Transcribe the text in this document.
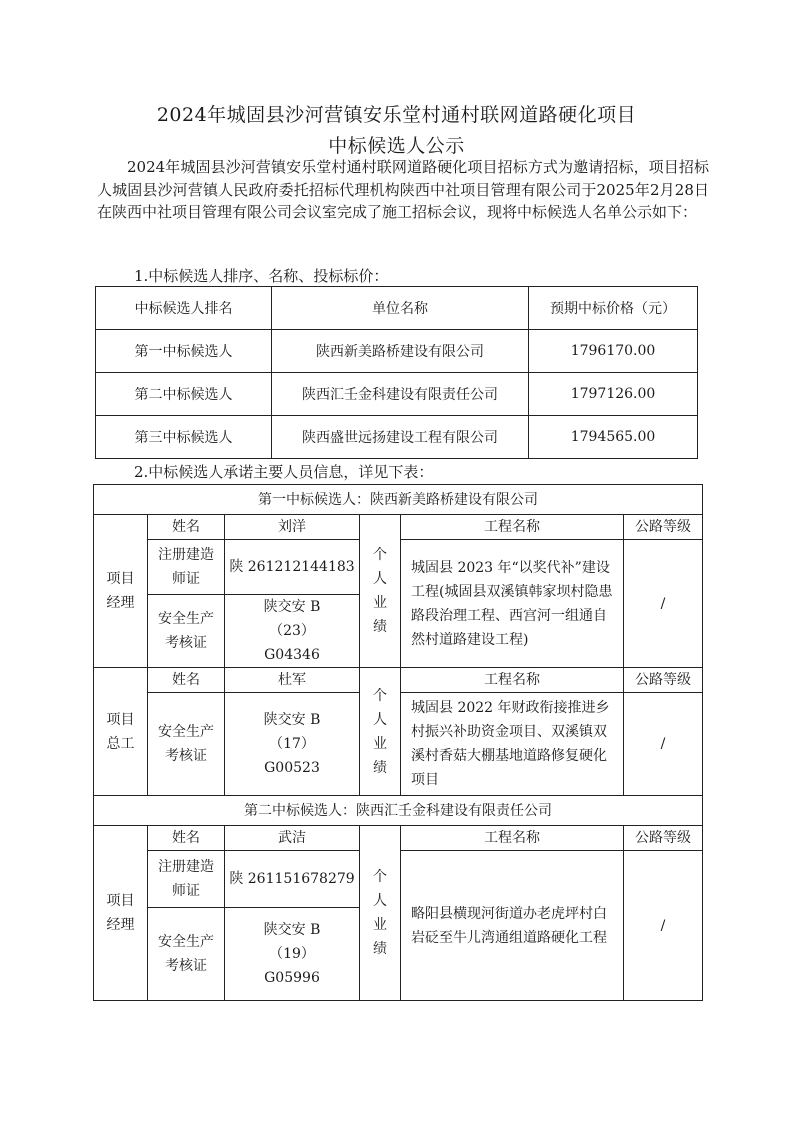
2024年城固县沙河营镇安乐堂村通村联网道路硬化项目
中标候选人公示
2024年城固县沙河营镇安乐堂村通村联网道路硬化项目招标方式为邀请招标，项目招标人城固县沙河营镇人民政府委托招标代理机构陕西中社项目管理有限公司于2025年2月28日在陕西中社项目管理有限公司会议室完成了施工招标会议，现将中标候选人名单公示如下：
1.中标候选人排序、名称、投标标价：
中标候选人排名	单位名称	预期中标价格（元）
第一中标候选人	陕西新美路桥建设有限公司	1796170.00
第二中标候选人	陕西汇壬金科建设有限责任公司	1797126.00
第三中标候选人	陕西盛世远扬建设工程有限公司	1794565.00
2.中标候选人承诺主要人员信息，详见下表：
第一中标候选人：陕西新美路桥建设有限公司					
项目经理	姓名	刘洋	个人业绩	工程名称	公路等级
	注册建造师证	陕 261212144183		城固县 2023 年“以奖代补”建设工程(城固县双溪镇韩家坝村隐患路段治理工程、西宫河一组通自然村道路建设工程)	/
	安全生产考核证	陕交安 B（23） G04346			
项目总工	姓名	杜军	个人业绩	工程名称	公路等级
	安全生产考核证	陕交安 B（17） G00523		城固县 2022 年财政衔接推进乡村振兴补助资金项目、双溪镇双溪村香菇大棚基地道路修复硬化项目	/
第二中标候选人：陕西汇壬金科建设有限责任公司					
项目经理	姓名	武洁	个人业绩	工程名称	公路等级
	注册建造师证	陕 261151678279		略阳县横现河街道办老虎坪村白岩砭至牛儿湾通组道路硬化工程	/
	安全生产考核证	陕交安 B（19） G05996			
